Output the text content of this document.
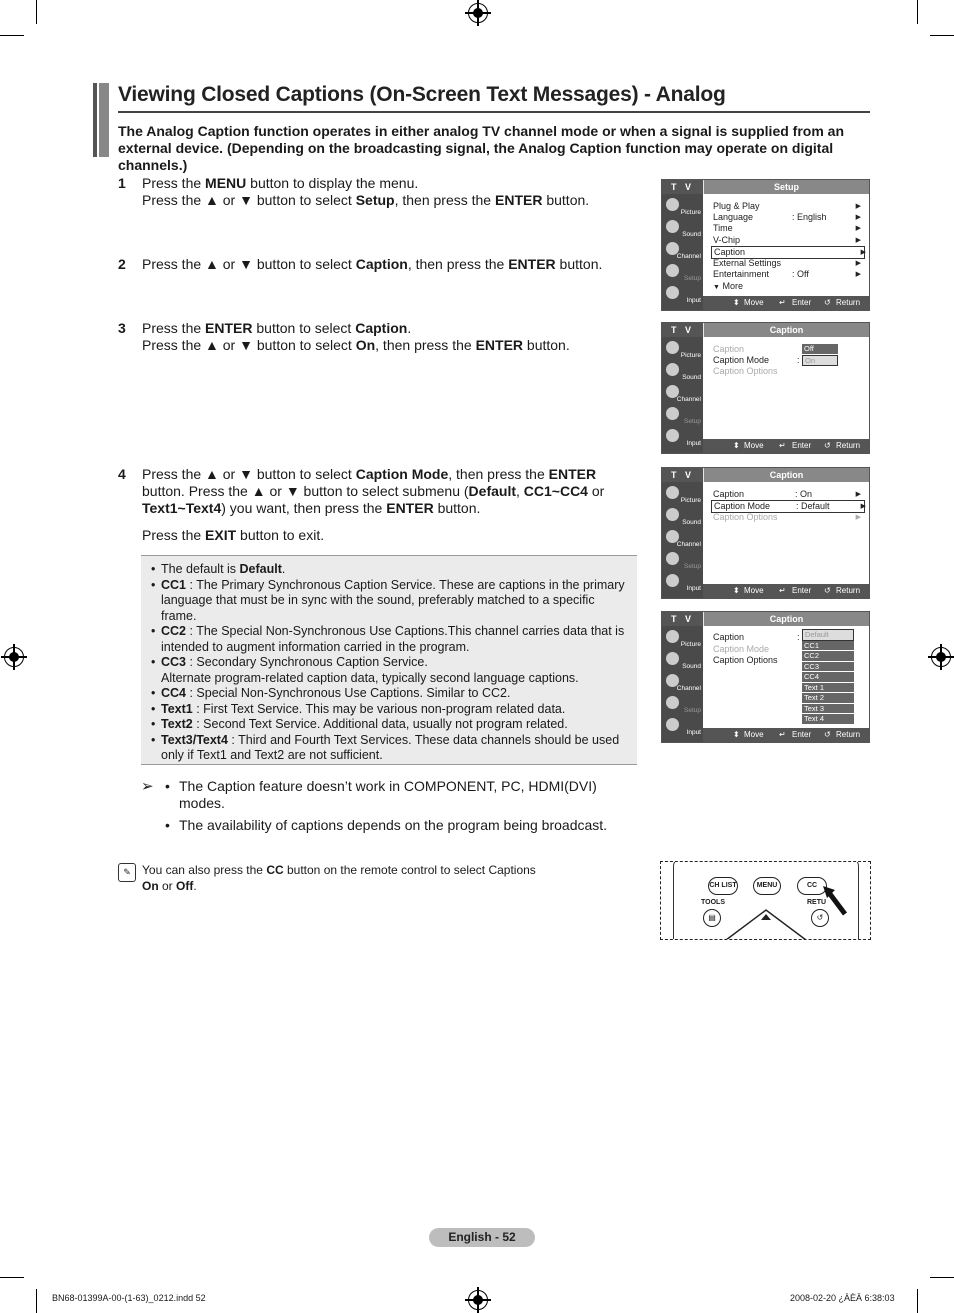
Viewing Closed Captions (On-Screen Text Messages) - Analog
The Analog Caption function operates in either analog TV channel mode or when a signal is supplied from an external device. (Depending on the broadcasting signal, the Analog Caption function may operate on digital channels.)
1 Press the MENU button to display the menu.
Press the ▲ or ▼ button to select Setup, then press the ENTER button.
2 Press the ▲ or ▼ button to select Caption, then press the ENTER button.
3 Press the ENTER button to select Caption.
Press the ▲ or ▼ button to select On, then press the ENTER button.
4 Press the ▲ or ▼ button to select Caption Mode, then press the ENTER button. Press the ▲ or ▼ button to select submenu (Default, CC1~CC4 or Text1~Text4) you want, then press the ENTER button.
Press the EXIT button to exit.
• The default is Default.
• CC1 : The Primary Synchronous Caption Service. These are captions in the primary language that must be in sync with the sound, preferably matched to a specific frame.
• CC2 : The Special Non-Synchronous Use Captions.This channel carries data that is intended to augment information carried in the program.
• CC3 : Secondary Synchronous Caption Service.
Alternate program-related caption data, typically second language captions.
• CC4 : Special Non-Synchronous Use Captions. Similar to CC2.
• Text1 : First Text Service. This may be various non-program related data.
• Text2 : Second Text Service. Additional data, usually not program related.
• Text3/Text4 : Third and Fourth Text Services. These data channels should be used only if Text1 and Text2 are not sufficient.
➢ • The Caption feature doesn’t work in COMPONENT, PC, HDMI(DVI) modes.
• The availability of captions depends on the program being broadcast.
✎ You can also press the CC button on the remote control to select Captions
On or Off.
T V	Setup
Picture
Sound
Channel
Setup
Input
Plug & Play	▶
Language	: English	▶
Time	▶
V-Chip	▶
Caption	▶
External Settings	▶
Entertainment	: Off	▶
▼ More
⬍ Move ↵ Enter ↺ Return
T V	Caption
Picture
Sound
Channel
Setup
Input
Caption
Caption Mode	:
Caption Options
Off
On
⬍ Move ↵ Enter ↺ Return
T V	Caption
Picture
Sound
Channel
Setup
Input
Caption	: On	▶
Caption Mode	: Default	▶
Caption Options	▶
⬍ Move ↵ Enter ↺ Return
T V	Caption
Picture
Sound
Channel
Setup
Input
Caption	:
Caption Mode
Caption Options
Default
CC1
CC2
CC3
CC4
Text 1
Text 2
Text 3
Text 4
⬍ Move ↵ Enter ↺ Return
CH LIST	MENU	CC
TOOLS	RETU
▤	↺
English - 52
BN68-01399A-00-(1-63)_0212.indd 52	2008-02-20 ¿ÀÈÄ 6:38:03
